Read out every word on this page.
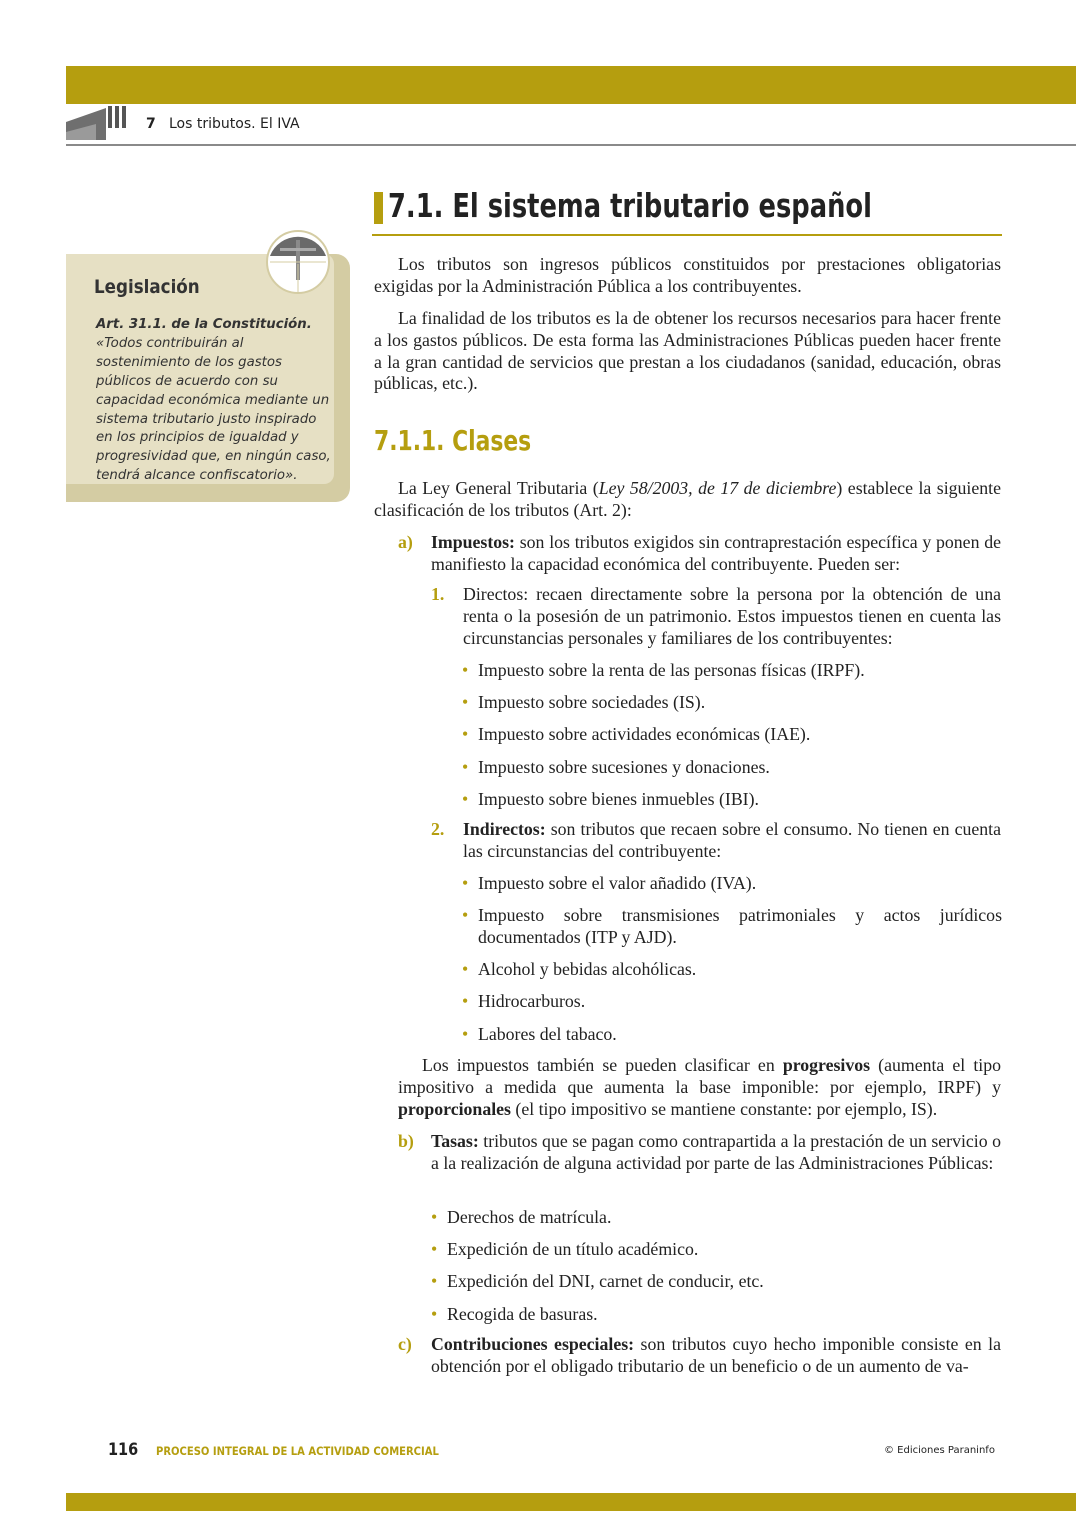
7 Los tributos. El IVA
Legislación
Art. 31.1. de la Constitución. «Todos contribuirán al sostenimiento de los gastos públicos de acuerdo con su capacidad económica mediante un sistema tributario justo inspirado en los principios de igualdad y progresividad que, en ningún caso, tendrá alcance confiscatorio».
7.1. El sistema tributario español

Los tributos son ingresos públicos constituidos por prestaciones obligatorias exigidas por la Administración Pública a los contribuyentes.

La finalidad de los tributos es la de obtener los recursos necesarios para hacer frente a los gastos públicos. De esta forma las Administraciones Públicas pueden hacer frente a la gran cantidad de servicios que prestan a los ciudadanos (sanidad, educación, obras públicas, etc.).

7.1.1. Clases

La Ley General Tributaria (Ley 58/2003, de 17 de diciembre) establece la siguiente clasificación de los tributos (Art. 2):

a) Impuestos: son los tributos exigidos sin contraprestación específica y ponen de manifiesto la capacidad económica del contribuyente. Pueden ser:
1. Directos: recaen directamente sobre la persona por la obtención de una renta o la posesión de un patrimonio. Estos impuestos tienen en cuenta las circunstancias personales y familiares de los contribuyentes:
• Impuesto sobre la renta de las personas físicas (IRPF).
• Impuesto sobre sociedades (IS).
• Impuesto sobre actividades económicas (IAE).
• Impuesto sobre sucesiones y donaciones.
• Impuesto sobre bienes inmuebles (IBI).
2. Indirectos: son tributos que recaen sobre el consumo. No tienen en cuenta las circunstancias del contribuyente:
• Impuesto sobre el valor añadido (IVA).
• Impuesto sobre transmisiones patrimoniales y actos jurídicos documentados (ITP y AJD).
• Alcohol y bebidas alcohólicas.
• Hidrocarburos.
• Labores del tabaco.

Los impuestos también se pueden clasificar en progresivos (aumenta el tipo impositivo a medida que aumenta la base imponible: por ejemplo, IRPF) y proporcionales (el tipo impositivo se mantiene constante: por ejemplo, IS).

b) Tasas: tributos que se pagan como contrapartida a la prestación de un servicio o a la realización de alguna actividad por parte de las Administraciones Públicas:
• Derechos de matrícula.
• Expedición de un título académico.
• Expedición del DNI, carnet de conducir, etc.
• Recogida de basuras.
c) Contribuciones especiales: son tributos cuyo hecho imponible consiste en la obtención por el obligado tributario de un beneficio o de un aumento de va-
116 PROCESO INTEGRAL DE LA ACTIVIDAD COMERCIAL	© Ediciones Paraninfo
